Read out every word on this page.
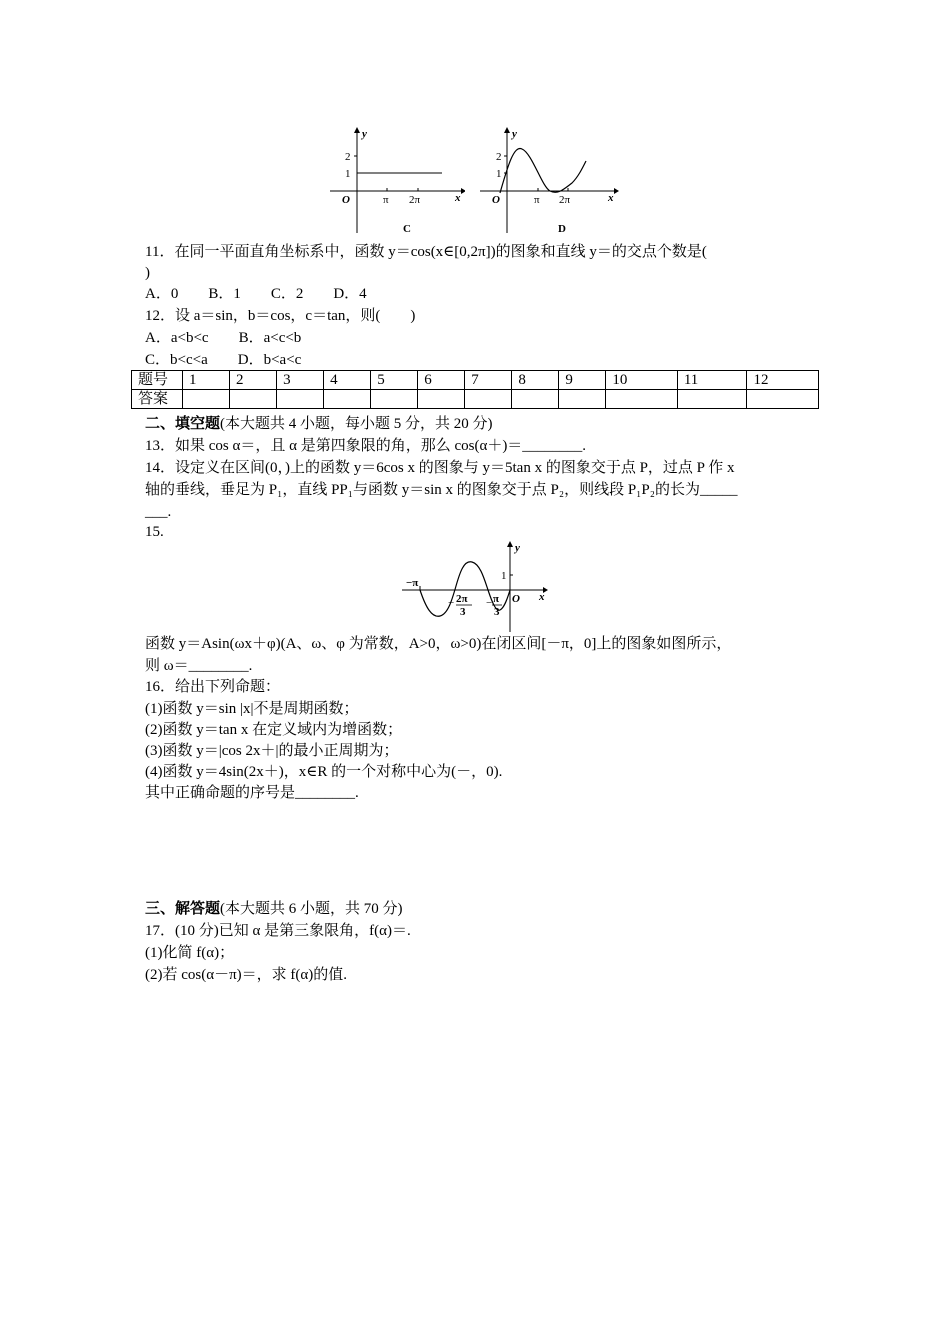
y
x
O
2
1
π 2π
C
y
x
O
2
1
π 2π
D
11．在同一平面直角坐标系中，函数 y＝cos(x∈[0,2π])的图象和直线 y＝的交点个数是(
)
A．0　　B．1　　C．2　　D．4
12．设 a＝sin，b＝cos，c＝tan，则(　　)
A．a<b<c　　B．a<c<b
C．b<c<a　　D．b<a<c
题号	1	2	3	4	5	6	7	8	9	10	11	12
答案												
二、填空题(本大题共 4 小题，每小题 5 分，共 20 分)
13．如果 cos α＝，且 α 是第四象限的角，那么 cos(α＋)＝________.
14．设定义在区间(0，)上的函数 y＝6cos x 的图象与 y＝5tan x 的图象交于点 P，过点 P 作 x
轴的垂线，垂足为 P₁，直线 PP₁与函数 y＝sin x 的图象交于点 P₂，则线段 P₁P₂的长为_____
___.
15.
y
x
O
1
−π
− 2π
3
− π
3
函数 y＝Asin(ωx＋φ)(A、ω、φ 为常数，A>0，ω>0)在闭区间[－π，0]上的图象如图所示，
则 ω＝________.
16．给出下列命题：
(1)函数 y＝sin |x|不是周期函数；
(2)函数 y＝tan x 在定义域内为增函数；
(3)函数 y＝|cos 2x＋|的最小正周期为；
(4)函数 y＝4sin(2x＋)，x∈R 的一个对称中心为(－，0).
其中正确命题的序号是________.
三、解答题(本大题共 6 小题，共 70 分)
17．(10 分)已知 α 是第三象限角，f(α)＝.
(1)化简 f(α)；
(2)若 cos(α－π)＝，求 f(α)的值.
